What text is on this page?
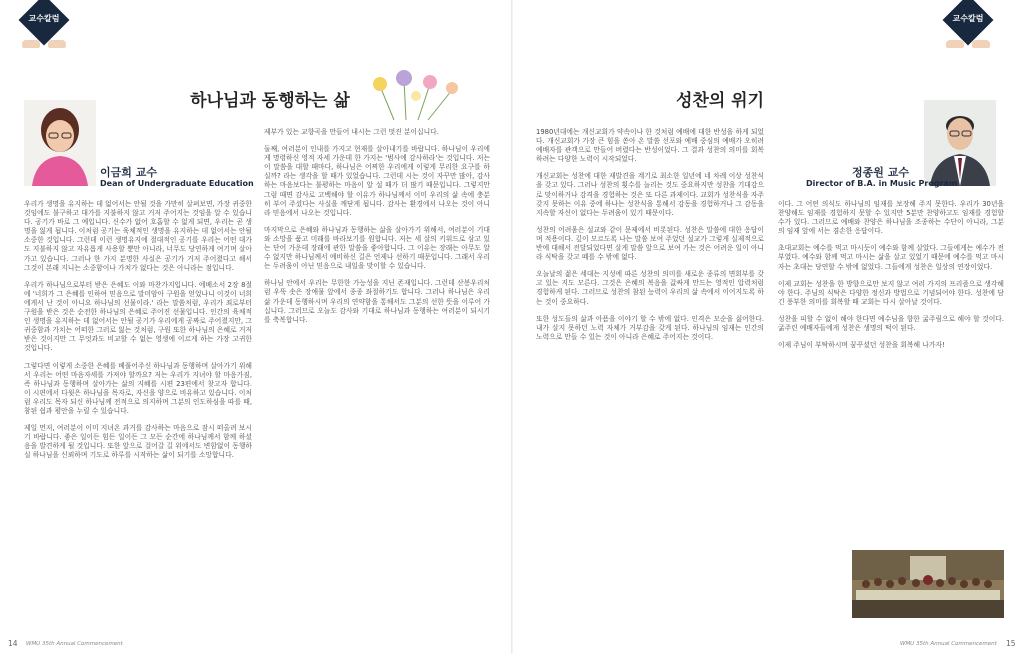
교수칼럼
하나님과 동행하는 삶
이금희 교수
Dean of Undergraduate Education

우리가 생명을 유지하는 데 없어서는 안될 것을 가만히 살펴보면, 가장 귀중한 것임에도 불구하고 대가를 지불하지 않고 거저 주어지는 것임을 알 수 있습니다. 공기가 바로 그 예입니다. 신수가 없어 호흡할 수 없게 되면, 우리는 곧 생명을 잃게 됩니다. 이처럼 공기는 육체적인 생명을 유지하는 데 없어서는 안될 소중한 것입니다. 그런데 이런 생명유지에 절대적인 공기를 우리는 어떤 대가도 지불하지 않고 자유롭게 사용할 뿐만 아니라, 너무도 당연하게 여기며 살아가고 있습니다. 그러나 한 가지 분명한 사실은 공기가 거저 주어졌다고 해서 그것이 본래 지니는 소중함이나 가치가 없다는 것은 아니라는 점입니다.

우리가 하나님으로부터 받은 은혜도 이와 마찬가지입니다. 에베소서 2장 8절에 '너희가 그 은혜를 인하여 믿음으로 말미암아 구원을 얻었나니 이것이 너희에게서 난 것이 아니요 하나님의 선물이라.' 라는 말씀처럼, 우리가 죄로부터 구원을 받은 것은 순전한 하나님의 은혜로 주어진 선물입니다. 인간의 육체적인 생명을 유지하는 데 없어서는 안될 공기가 우리에게 공짜로 주어졌지만, 그귀중함과 가치는 어떠한 그러로 잃는 것처럼, 구원 또한 하나님의 은혜로 거저 받은 것이지만 그 무엇과도 비교할 수 없는 영생에 이르게 하는 가장 고귀한 것입니다.

그렇다면 이렇게 소중한 은혜를 베풀어주신 하나님과 동행하며 살아가기 위해서 우리는 어떤 마음자세를 가져야 할까요? 저는 우리가 지녀야 할 마음가짐, 즉 하나님과 동행하며 살아가는 삶의 지혜를 시편 23편에서 찾고자 합니다. 이 시편에서 다윗은 하나님을 목자로, 자신을 양으로 비유하고 있습니다. 이처럼 우리도 목자 되신 하나님께 전적으로 의지하며 그분의 인도하심을 따를 때, 참된 쉼과 평안을 누릴 수 있습니다.

제일 먼저, 여러분이 이미 지녀온 과거를 감사하는 마음으로 잠시 떠올려 보시기 바랍니다. 좋은 일이든 힘든 일이든 그 모든 순간에 하나님께서 함께 하셨음을 발견하게 될 것입니다. 또한 앞으로 걸어갈 길 위에서도 변함없이 동행하실 하나님을 신뢰하며 기도로 하루를 시작하는 삶이 되기를 소망합니다.

제부가 있는 교향곡을 만들어 내시는 그런 멋진 분이십니다.

둘째, 여러분이 인내를 가지고 현재를 살아내기를 바랍니다. 하나님이 우리에게 명령하신 영적 자세 가운데 한 가지는 '범사에 감사하라'는 것입니다. 저는 이 말씀을 대할 때마다, 하나님은 어찌한 우리에게 이렇게 무리한 요구를 하실까? 라는 생각을 할 때가 있었습니다. 그런데 시는 것이 자꾸만 많아, 감사하는 마음보다는 불평하는 마음이 앞 설 때가 더 많기 때문입니다. 그렇지만 그럼 때면 감사로 고백해야 할 이유가 하나님께서 이미 우리의 삶 속에 충분히 부어 주셨다는 사실을 깨닫게 됩니다. 감사는 환경에서 나오는 것이 아니라 믿음에서 나오는 것입니다.

마지막으로 은혜와 하나님과 동행하는 삶을 살아가기 위해서, 여러분이 기대와 소망을 품고 미래를 바라보기를 원합니다. 저는 세 살의 키워드로 삼고 있는 단어 가운데 장래에 관한 말씀을 좋아합니다. 그 이유는 장래는 아무도 알 수 없지만 하나님께서 예비하신 길은 언제나 선하기 때문입니다. 그래서 우리는 두려움이 아닌 믿음으로 내일을 맞이할 수 있습니다.

하나님 안에서 우리는 무한한 가능성을 지닌 존재입니다. 그런데 산봉우리처럼 우뚝 솟은 장애물 앞에서 종종 좌절하기도 합니다. 그러나 하나님은 우리 삶 가운데 동행하시며 우리의 연약함을 통해서도 그분의 선한 뜻을 이루어 가십니다. 그러므로 오늘도 감사와 기대로 하나님과 동행하는 여러분이 되시기를 축복합니다.

14 WMU 35th Annual Commencement
교수칼럼
성찬의 위기
정종원 교수
Director of B.A. in Music Program

1980년대에는 개신교회가 약속이나 한 것처럼 예배에 대한 반성을 하게 되었다. 개신교회가 가장 큰 힘을 쏟아 온 말씀 선포와 예배 중심의 예배가 오히려 예배자를 관객으로 만들어 버렸다는 반성이었다. 그 결과 성찬의 의미를 회복하려는 다양한 노력이 시작되었다.

개신교회는 성찬에 대한 재발견을 계기로 최소한 일년에 네 차례 이상 성찬식을 갖고 있다. 그러나 성찬의 횟수를 늘리는 것도 중요하지만 성찬을 기대감으로 맞이하거나 감격을 경험하는 것은 또 다른 과제이다. 교회가 성찬식을 자주 갖지 못하는 이유 중에 하나는 성찬식을 통해서 감동을 경험하거나 그 감동을 지속할 자신이 없다는 두려움이 있기 때문이다.

성찬의 어려움은 설교와 같이 문제에서 비롯된다. 성찬은 말씀에 대한 응답이며 적용이다. 깊이 모르도록 나는 말씀 보여 주었던 설교가 그렇게 실제적으로 반에 대해서 전달되었다면 살게 말씀 앞으로 보여 가는 것은 어려운 일이 아니라 식탁을 갖고 떼를 수 밖에 없다.

오늘날의 젊은 세대는 지성에 따른 성찬의 의미를 새로운 종류의 면회부를 갖고 있는 지도 모른다. 그것은 은혜의 복음을 값싸게 만드는 영적인 압력처럼 경험하게 된다. 그러므로 성찬의 참된 능력이 우리의 삶 속에서 이어지도록 하는 것이 중요하다.

또한 성도들의 삶과 아픔을 이야기 할 수 밖에 없다. 인격은 모순을 싫어한다. 내가 살지 못하던 노력 자체가 거부감을 갖게 된다. 하나님의 임재는 인간의 노력으로 만들 수 있는 것이 아니라 은혜로 주어지는 것이다.

이다. 그 어떤 의식도 하나님의 임재를 보장해 주지 못한다. 우리가 30년을 찬양해도 임재를 경험하지 못할 수 있지만 5분만 찬양하고도 임재를 경험할 수가 있다. 그러므로 예배와 찬양은 하나님을 조종하는 수단이 아니라, 그분의 임재 앞에 서는 겸손한 응답이다.

초대교회는 예수를 먹고 마시듯이 예수와 함께 살았다. 그들에게는 예수가 전부였다. 예수와 함께 먹고 마시는 삶을 살고 있었기 때문에 예수를 먹고 마시자는 초대는 당연할 수 밖에 없었다. 그들에게 성찬은 일상의 연장이었다.

이제 교회는 성찬을 한 방향으로만 보지 않고 여러 가지의 프리즘으로 생각해야 한다. 주님의 식탁은 다양한 정신과 방법으로 기념되어야 한다. 성찬에 담긴 풍부한 의미를 회복할 때 교회는 다시 살아날 것이다.

성찬을 피할 수 없이 해야 한다면 예수님을 향한 굶주림으로 해야 할 것이다. 굶주린 예배자들에게 성찬은 생명의 떡이 된다.

이제 주님이 부탁하시며 꿈꾸셨던 성찬을 회복해 나가자!

WMU 35th Annual Commencement 15
